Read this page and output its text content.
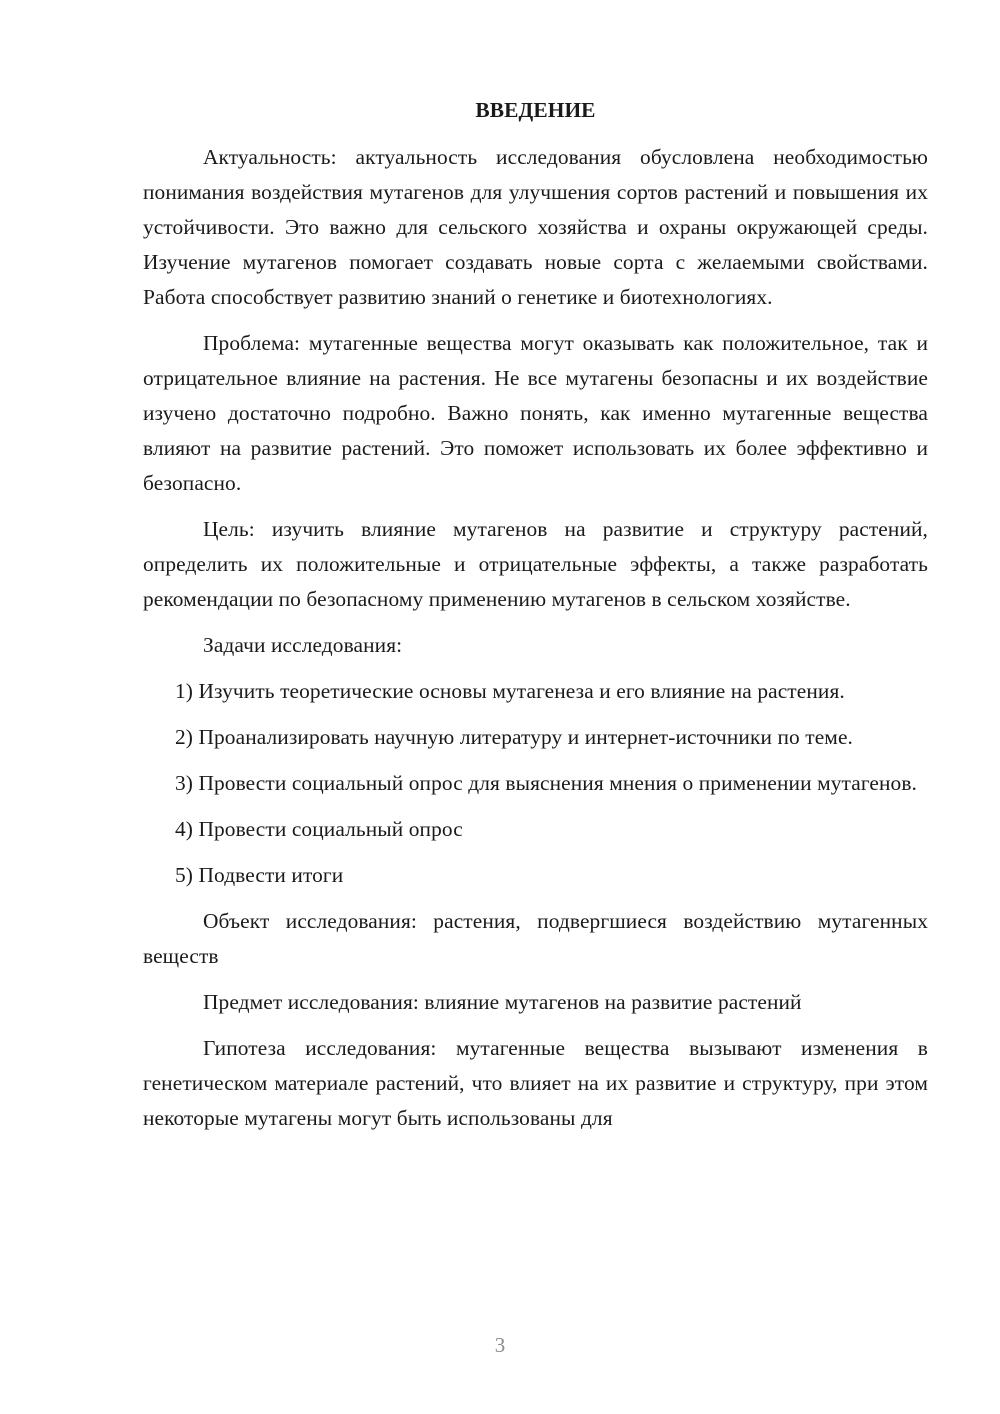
ВВЕДЕНИЕ

Актуальность: актуальность исследования обусловлена необходимостью понимания воздействия мутагенов для улучшения сортов растений и повышения их устойчивости. Это важно для сельского хозяйства и охраны окружающей среды. Изучение мутагенов помогает создавать новые сорта с желаемыми свойствами. Работа способствует развитию знаний о генетике и биотехнологиях.

Проблема: мутагенные вещества могут оказывать как положительное, так и отрицательное влияние на растения. Не все мутагены безопасны и их воздействие изучено достаточно подробно. Важно понять, как именно мутагенные вещества влияют на развитие растений. Это поможет использовать их более эффективно и безопасно.

Цель: изучить влияние мутагенов на развитие и структуру растений, определить их положительные и отрицательные эффекты, а также разработать рекомендации по безопасному применению мутагенов в сельском хозяйстве.

Задачи исследования:

1) Изучить теоретические основы мутагенеза и его влияние на растения.

2) Проанализировать научную литературу и интернет-источники по теме.

3) Провести социальный опрос для выяснения мнения о применении мутагенов.

4) Провести социальный опрос

5) Подвести итоги

Объект исследования: растения, подвергшиеся воздействию мутагенных веществ

Предмет исследования: влияние мутагенов на развитие растений

Гипотеза исследования: мутагенные вещества вызывают изменения в генетическом материале растений, что влияет на их развитие и структуру, при этом некоторые мутагены могут быть использованы для

3
